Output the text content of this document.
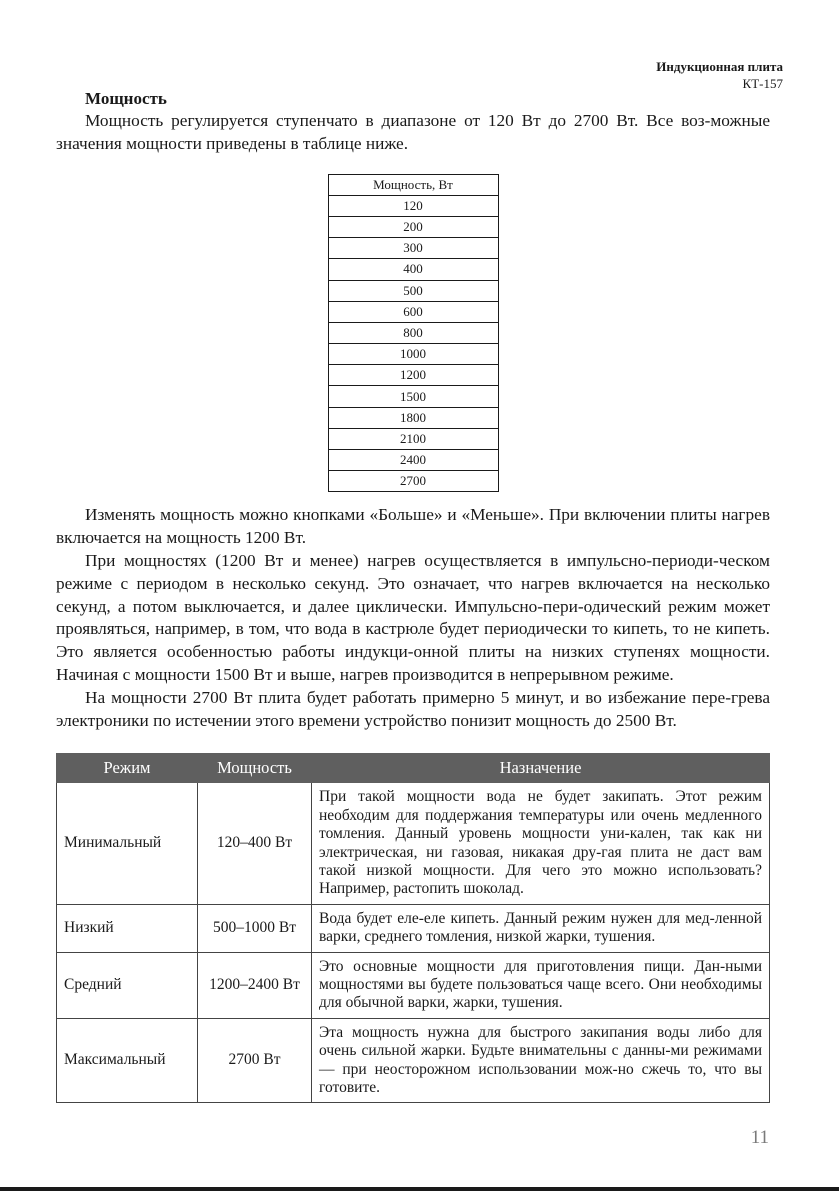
Индукционная плита
КТ-157
Мощность

Мощность регулируется ступенчато в диапазоне от 120 Вт до 2700 Вт. Все воз-можные значения мощности приведены в таблице ниже.

Мощность, Вт
120
200
300
400
500
600
800
1000
1200
1500
1800
2100
2400
2700

Изменять мощность можно кнопками «Больше» и «Меньше». При включении плиты нагрев включается на мощность 1200 Вт.

При мощностях (1200 Вт и менее) нагрев осуществляется в импульсно-периоди-ческом режиме с периодом в несколько секунд. Это означает, что нагрев включается на несколько секунд, а потом выключается, и далее циклически. Импульсно-пери-одический режим может проявляться, например, в том, что вода в кастрюле будет периодически то кипеть, то не кипеть. Это является особенностью работы индукци-онной плиты на низких ступенях мощности. Начиная с мощности 1500 Вт и выше, нагрев производится в непрерывном режиме.

На мощности 2700 Вт плита будет работать примерно 5 минут, и во избежание пере-грева электроники по истечении этого времени устройство понизит мощность до 2500 Вт.

Режим	Мощность	Назначение
Минимальный	120–400 Вт	При такой мощности вода не будет закипать. Этот режим необходим для поддержания температуры или очень медленного томления. Данный уровень мощности уни-кален, так как ни электрическая, ни газовая, никакая дру-гая плита не даст вам такой низкой мощности. Для чего это можно использовать? Например, растопить шоколад.
Низкий	500–1000 Вт	Вода будет еле-еле кипеть. Данный режим нужен для мед-ленной варки, среднего томления, низкой жарки, тушения.
Средний	1200–2400 Вт	Это основные мощности для приготовления пищи. Дан-ными мощностями вы будете пользоваться чаще всего. Они необходимы для обычной варки, жарки, тушения.
Максимальный	2700 Вт	Эта мощность нужна для быстрого закипания воды либо для очень сильной жарки. Будьте внимательны с данны-ми режимами — при неосторожном использовании мож-но сжечь то, что вы готовите.
11
